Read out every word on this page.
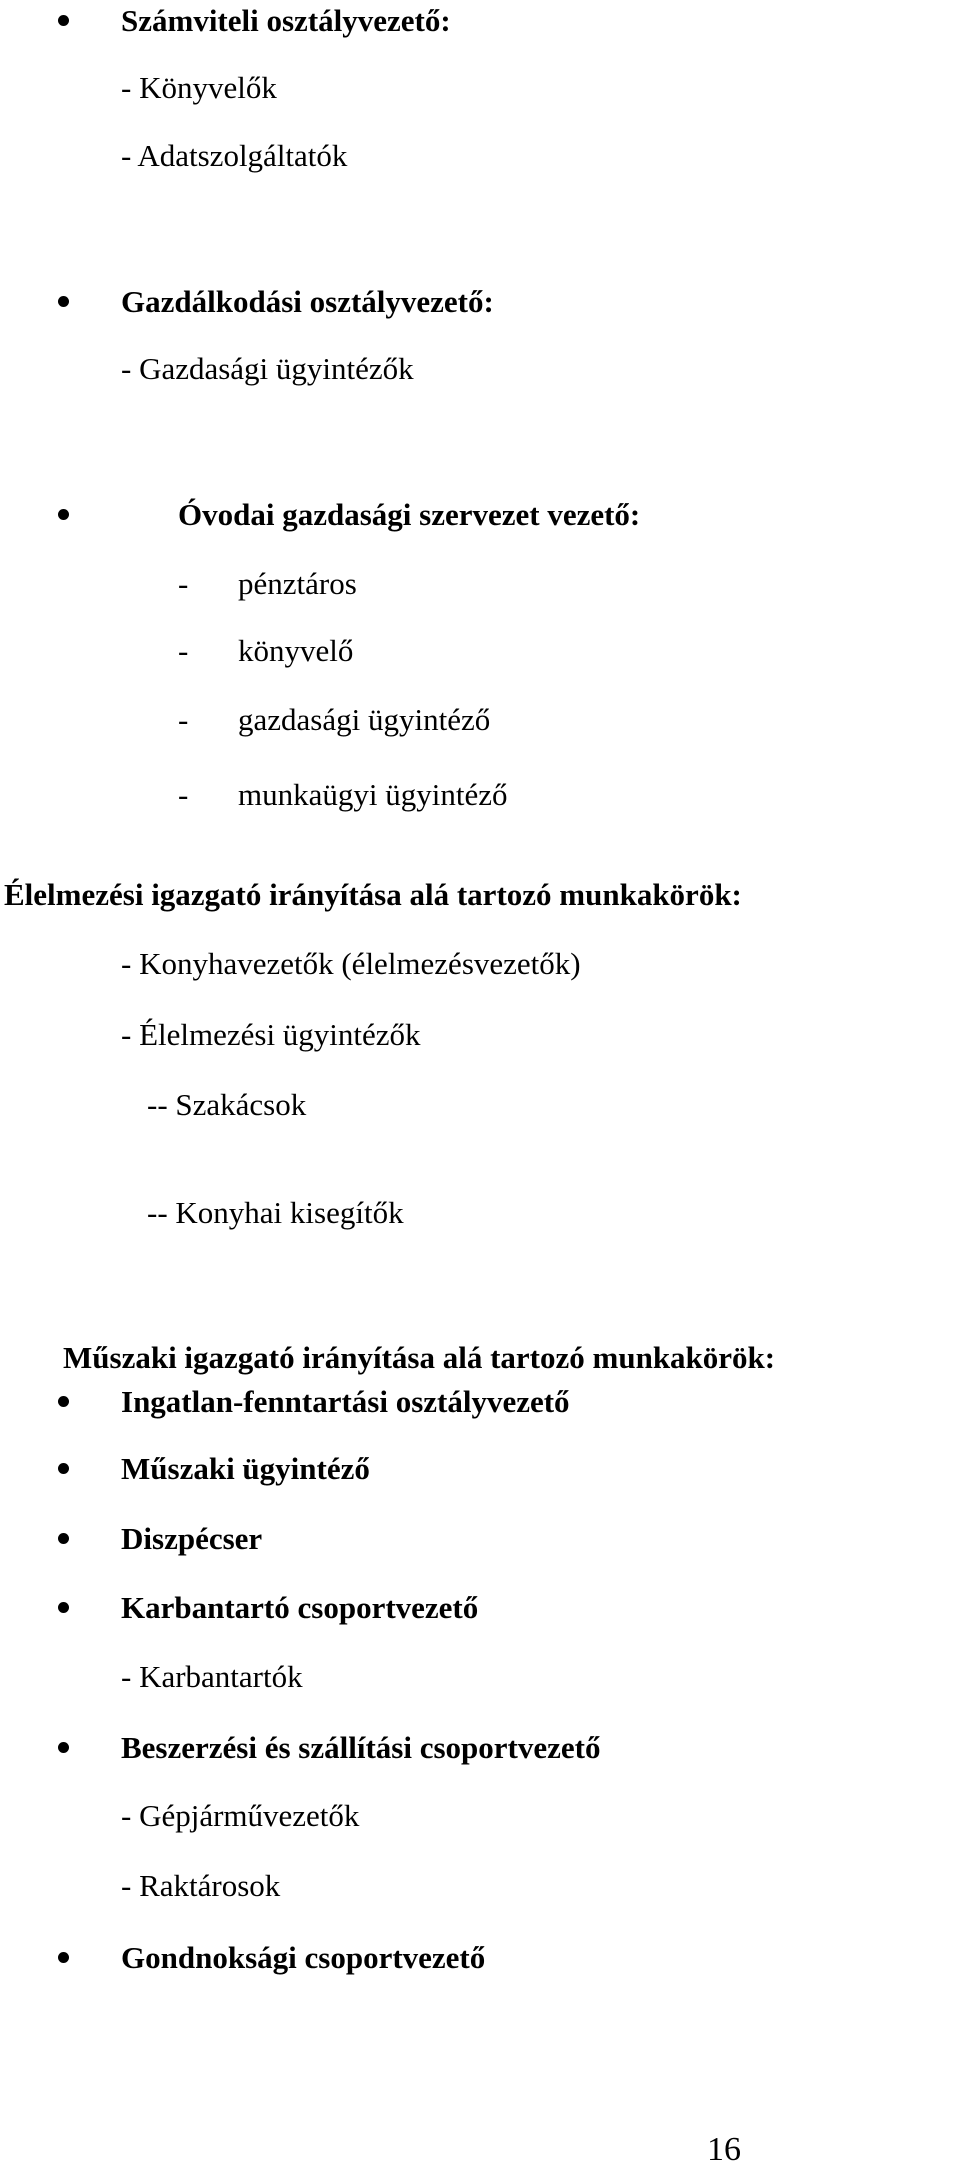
Számviteli osztályvezető:
- Könyvelők
- Adatszolgáltatók
Gazdálkodási osztályvezető:
- Gazdasági ügyintézők
Óvodai gazdasági szervezet vezető:
- pénztáros
- könyvelő
- gazdasági ügyintéző
- munkaügyi ügyintéző
Élelmezési igazgató irányítása alá tartozó munkakörök:
- Konyhavezetők (élelmezésvezetők)
- Élelmezési ügyintézők
-- Szakácsok
-- Konyhai kisegítők
Műszaki igazgató irányítása alá tartozó munkakörök:
Ingatlan-fenntartási osztályvezető
Műszaki ügyintéző
Diszpécser
Karbantartó csoportvezető
- Karbantartók
Beszerzési és szállítási csoportvezető
- Gépjárművezetők
- Raktárosok
Gondnoksági csoportvezető
16
